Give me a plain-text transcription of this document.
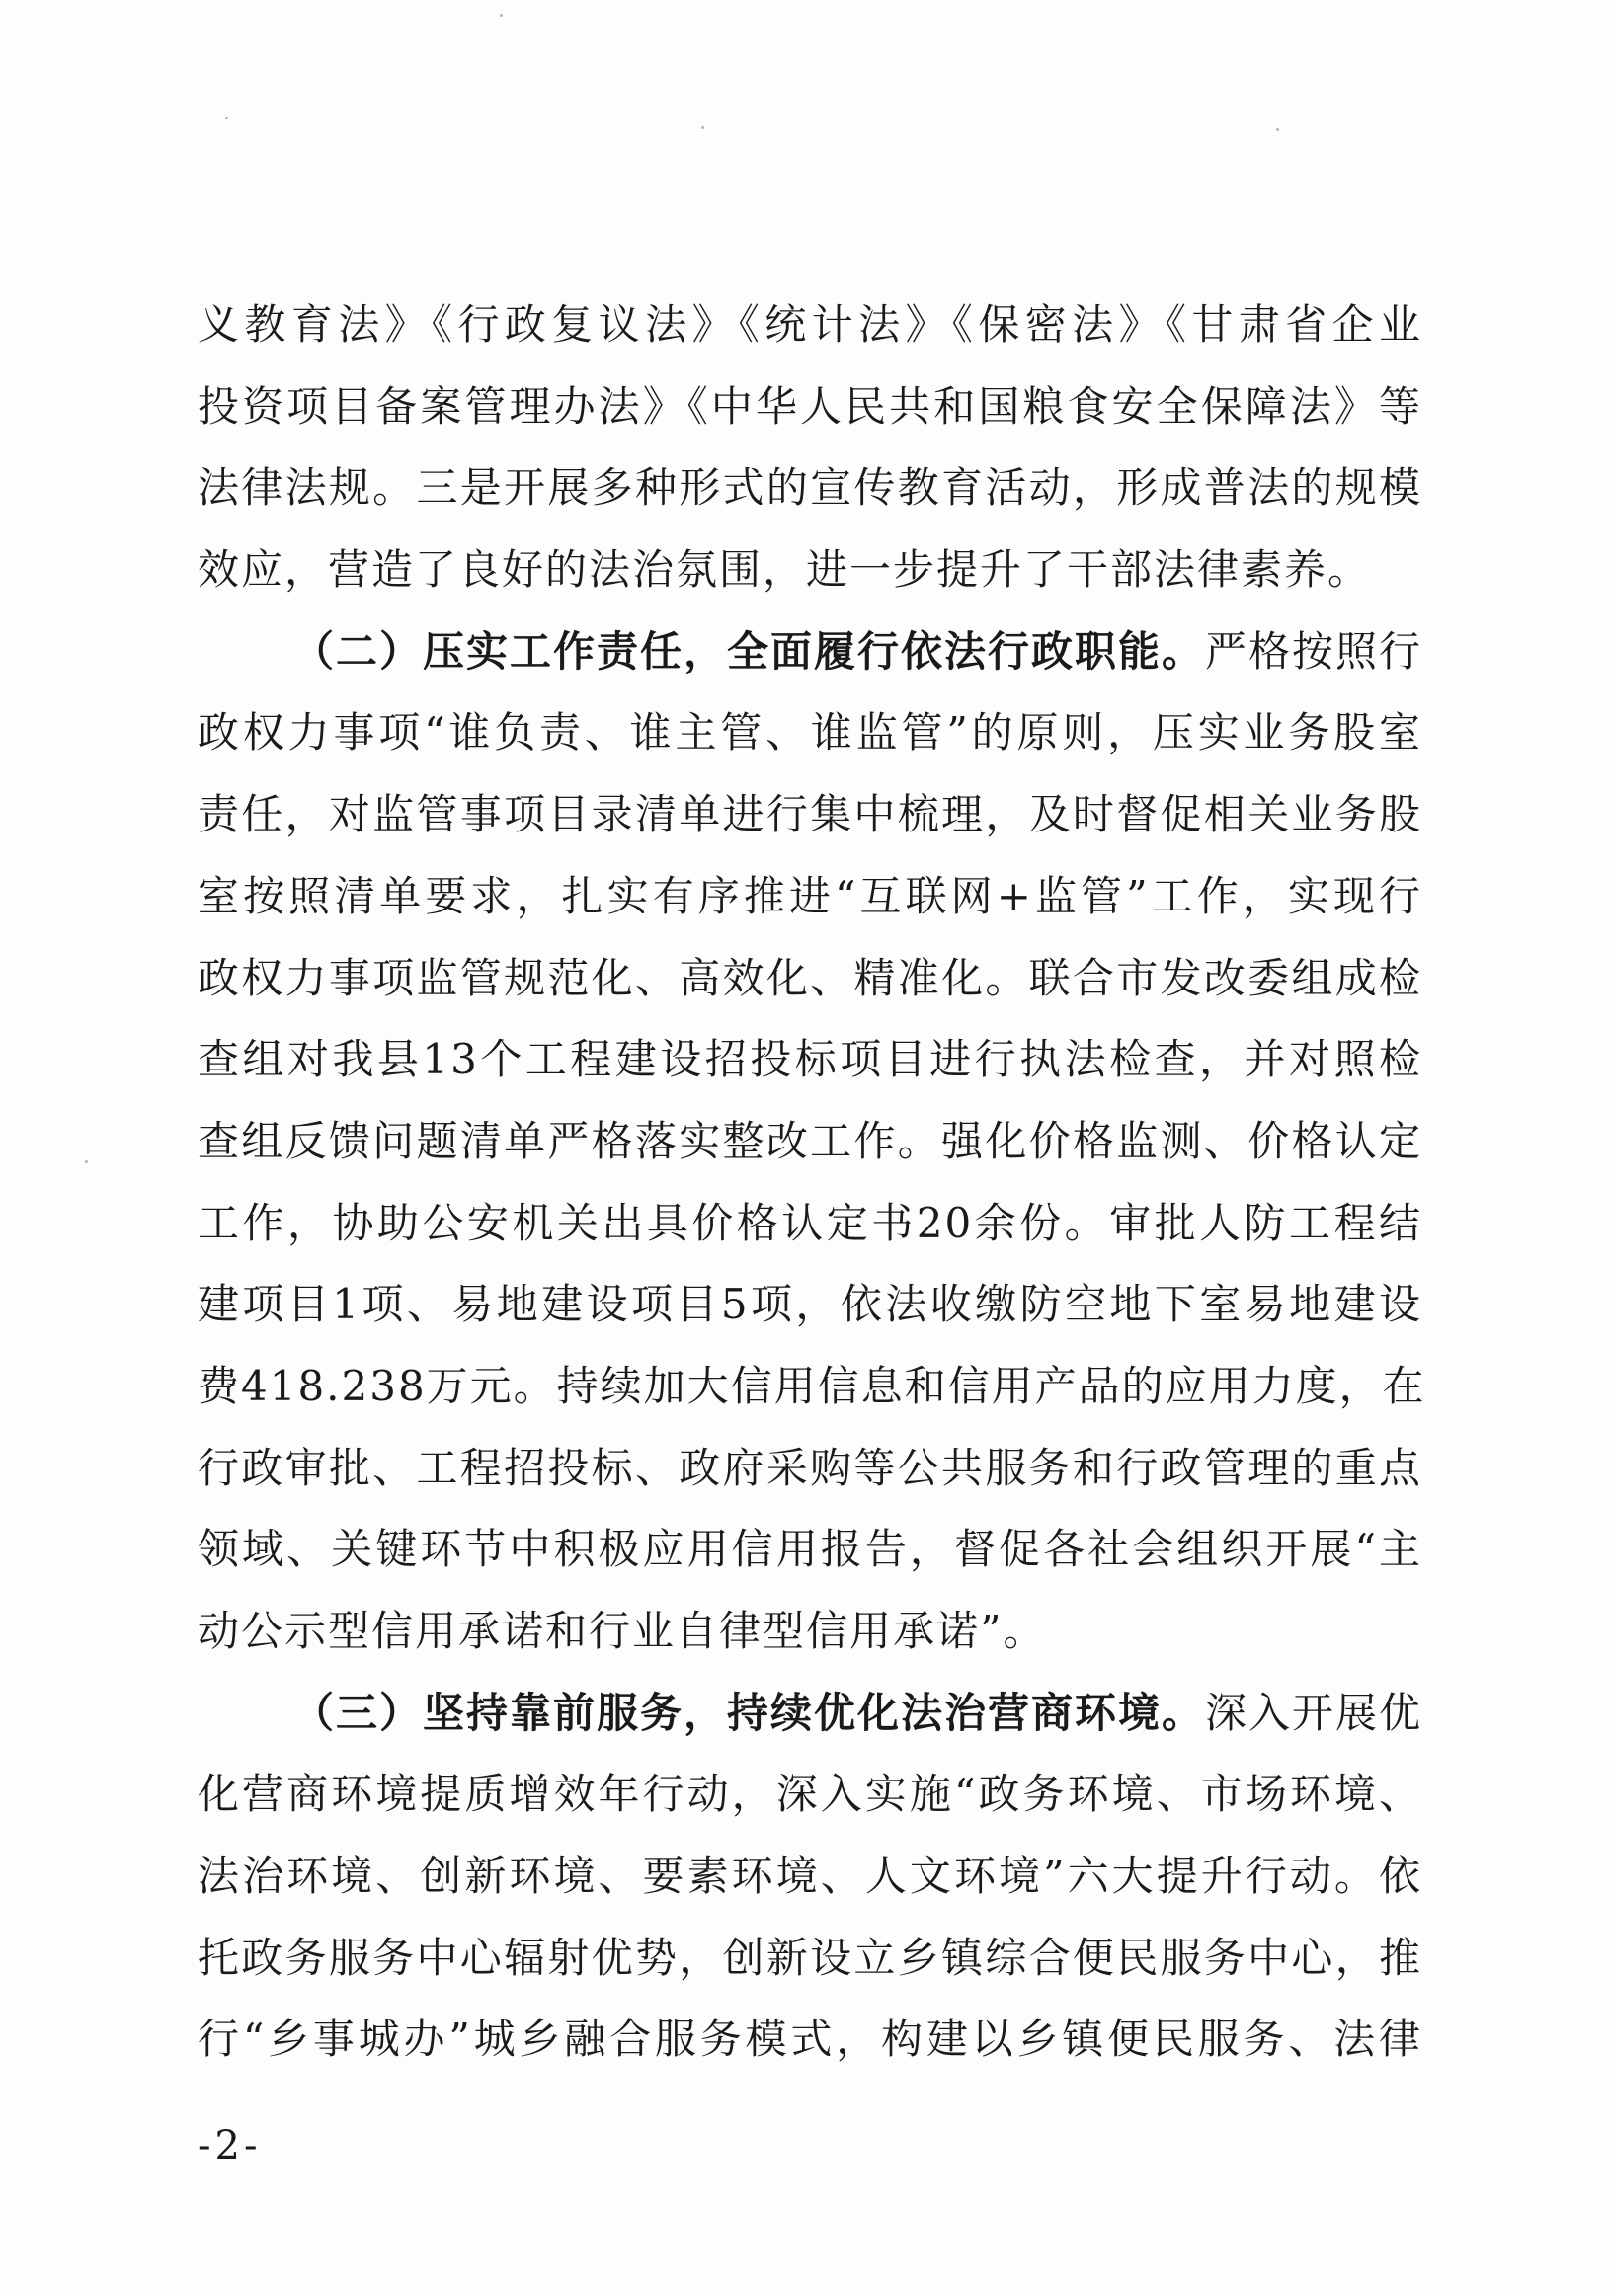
义教育法》《行政复议法》《统计法》《保密法》《甘肃省企业
投资项目备案管理办法》《中华人民共和国粮食安全保障法》等
法律法规。三是开展多种形式的宣传教育活动，形成普法的规模
效应，营造了良好的法治氛围，进一步提升了干部法律素养。
（二）压实工作责任，全面履行依法行政职能。严格按照行
政权力事项“谁负责、谁主管、谁监管”的原则，压实业务股室
责任，对监管事项目录清单进行集中梳理，及时督促相关业务股
室按照清单要求，扎实有序推进“互联网+监管”工作，实现行
政权力事项监管规范化、高效化、精准化。联合市发改委组成检
查组对我县13个工程建设招投标项目进行执法检查，并对照检
查组反馈问题清单严格落实整改工作。强化价格监测、价格认定
工作，协助公安机关出具价格认定书20余份。审批人防工程结
建项目1项、易地建设项目5项，依法收缴防空地下室易地建设
费418.238万元。持续加大信用信息和信用产品的应用力度，在
行政审批、工程招投标、政府采购等公共服务和行政管理的重点
领域、关键环节中积极应用信用报告，督促各社会组织开展“主
动公示型信用承诺和行业自律型信用承诺”。
（三）坚持靠前服务，持续优化法治营商环境。深入开展优
化营商环境提质增效年行动，深入实施“政务环境、市场环境、
法治环境、创新环境、要素环境、人文环境”六大提升行动。依
托政务服务中心辐射优势，创新设立乡镇综合便民服务中心，推
行“乡事城办”城乡融合服务模式，构建以乡镇便民服务、法律
-2-
